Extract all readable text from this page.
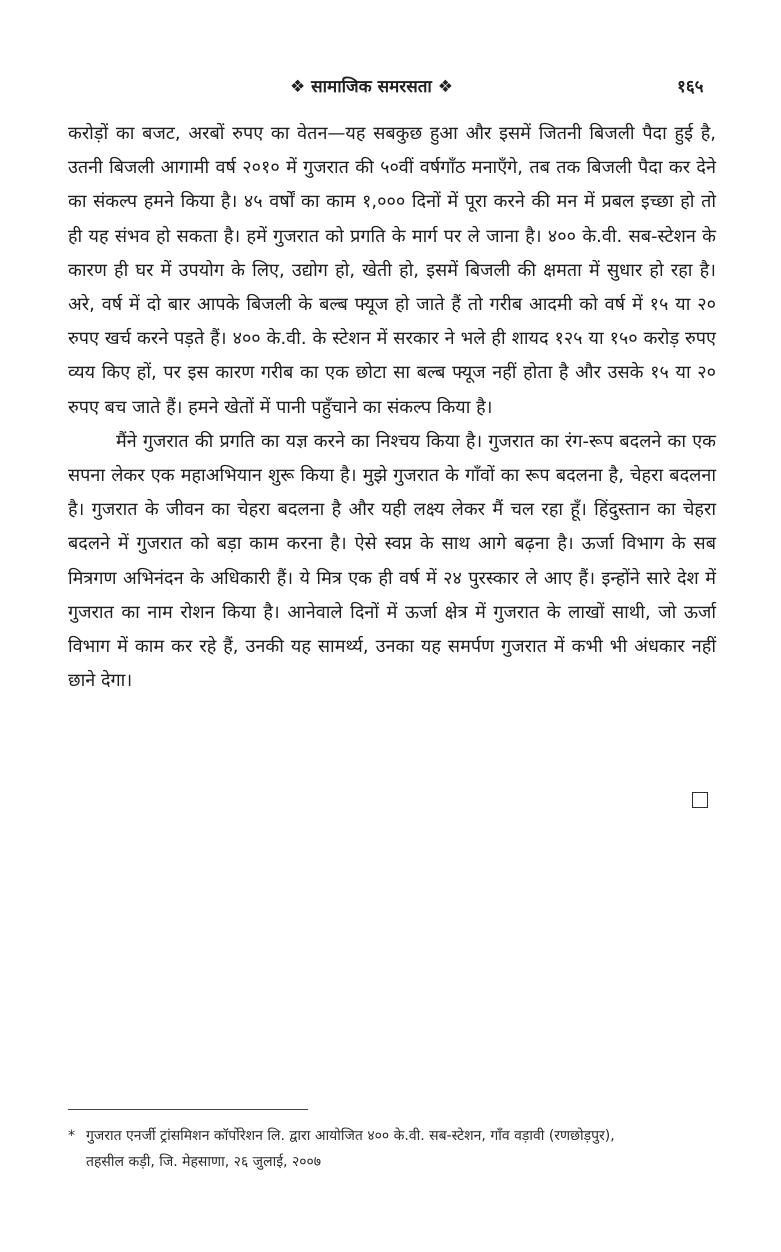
❖ सामाजिक समरसता ❖	१६५

करोड़ों का बजट, अरबों रुपए का वेतन—यह सबकुछ हुआ और इसमें जितनी बिजली पैदा हुई है, उतनी बिजली आगामी वर्ष २०१० में गुजरात की ५०वीं वर्षगाँठ मनाएँगे, तब तक बिजली पैदा कर देने का संकल्प हमने किया है। ४५ वर्षों का काम १,००० दिनों में पूरा करने की मन में प्रबल इच्छा हो तो ही यह संभव हो सकता है। हमें गुजरात को प्रगति के मार्ग पर ले जाना है। ४०० के.वी. सब-स्टेशन के कारण ही घर में उपयोग के लिए, उद्योग हो, खेती हो, इसमें बिजली की क्षमता में सुधार हो रहा है। अरे, वर्ष में दो बार आपके बिजली के बल्ब फ्यूज हो जाते हैं तो गरीब आदमी को वर्ष में १५ या २० रुपए खर्च करने पड़ते हैं। ४०० के.वी. के स्टेशन में सरकार ने भले ही शायद १२५ या १५० करोड़ रुपए व्यय किए हों, पर इस कारण गरीब का एक छोटा सा बल्ब फ्यूज नहीं होता है और उसके १५ या २० रुपए बच जाते हैं। हमने खेतों में पानी पहुँचाने का संकल्प किया है।

मैंने गुजरात की प्रगति का यज्ञ करने का निश्चय किया है। गुजरात का रंग-रूप बदलने का एक सपना लेकर एक महाअभियान शुरू किया है। मुझे गुजरात के गाँवों का रूप बदलना है, चेहरा बदलना है। गुजरात के जीवन का चेहरा बदलना है और यही लक्ष्य लेकर मैं चल रहा हूँ। हिंदुस्तान का चेहरा बदलने में गुजरात को बड़ा काम करना है। ऐसे स्वप्न के साथ आगे बढ़ना है। ऊर्जा विभाग के सब मित्रगण अभिनंदन के अधिकारी हैं। ये मित्र एक ही वर्ष में २४ पुरस्कार ले आए हैं। इन्होंने सारे देश में गुजरात का नाम रोशन किया है। आनेवाले दिनों में ऊर्जा क्षेत्र में गुजरात के लाखों साथी, जो ऊर्जा विभाग में काम कर रहे हैं, उनकी यह सामर्थ्य, उनका यह समर्पण गुजरात में कभी भी अंधकार नहीं छाने देगा।

* गुजरात एनर्जी ट्रांसमिशन कॉर्पोरेशन लि. द्वारा आयोजित ४०० के.वी. सब-स्टेशन, गाँव वड़ावी (रणछोड़पुर),
तहसील कड़ी, जि. मेहसाणा, २६ जुलाई, २००७
